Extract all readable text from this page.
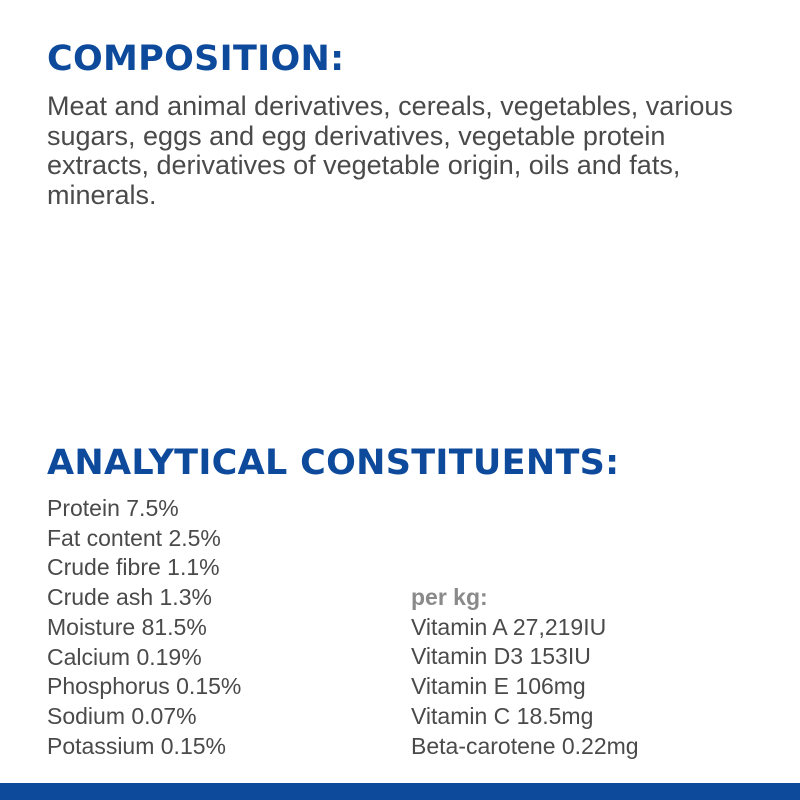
COMPOSITION:

Meat and animal derivatives, cereals, vegetables, various sugars, eggs and egg derivatives, vegetable protein extracts, derivatives of vegetable origin, oils and fats, minerals.

ANALYTICAL CONSTITUENTS:
Protein 7.5%
Fat content 2.5%
Crude fibre 1.1%
Crude ash 1.3%
Moisture 81.5%
Calcium 0.19%
Phosphorus 0.15%
Sodium 0.07%
Potassium 0.15%
per kg:
Vitamin A 27,219IU
Vitamin D3 153IU
Vitamin E 106mg
Vitamin C 18.5mg
Beta-carotene 0.22mg
